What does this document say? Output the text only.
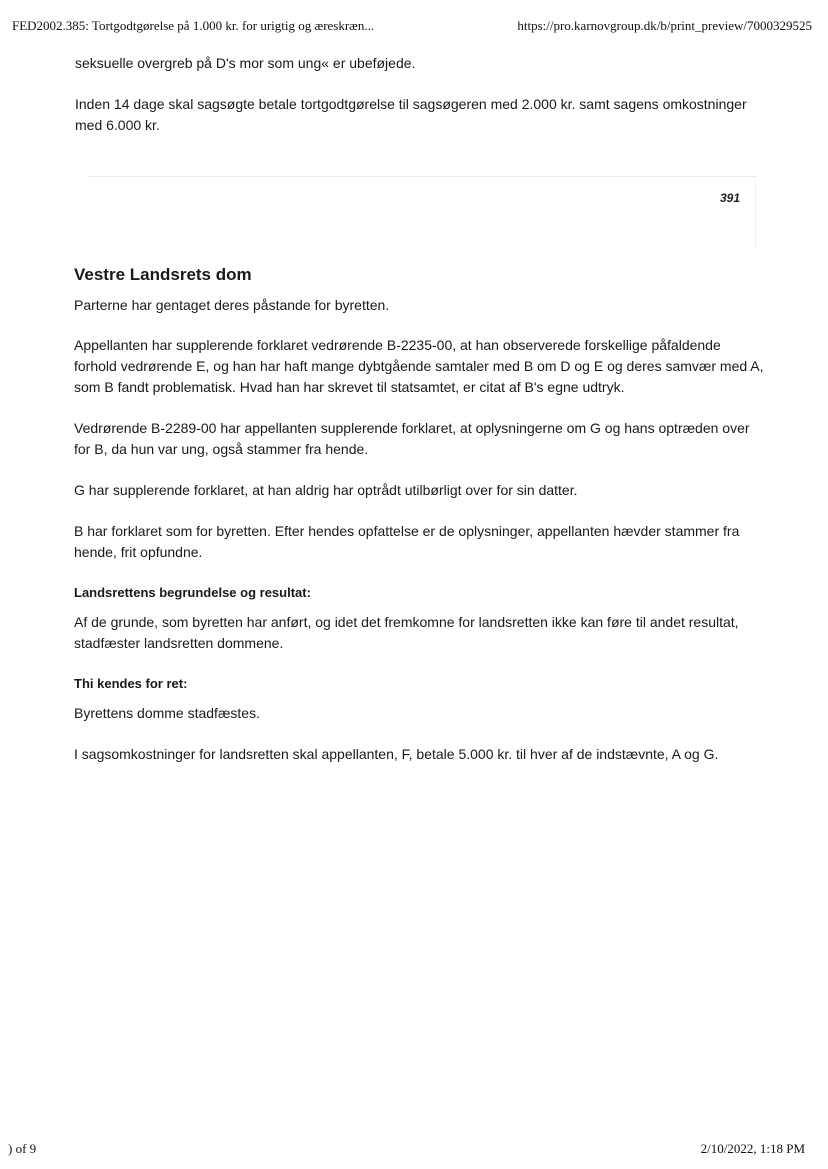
FED2002.385: Tortgodtgørelse på 1.000 kr. for urigtig og æreskræn...	https://pro.karnovgroup.dk/b/print_preview/7000329525

seksuelle overgreb på D's mor som ung« er ubeføjede.

Inden 14 dage skal sagsøgte betale tortgodtgørelse til sagsøgeren med 2.000 kr. samt sagens omkostninger med 6.000 kr.

391
Vestre Landsrets dom

Parterne har gentaget deres påstande for byretten.

Appellanten har supplerende forklaret vedrørende B-2235-00, at han observerede forskellige påfaldende forhold vedrørende E, og han har haft mange dybtgående samtaler med B om D og E og deres samvær med A, som B fandt problematisk. Hvad han har skrevet til statsamtet, er citat af B's egne udtryk.

Vedrørende B-2289-00 har appellanten supplerende forklaret, at oplysningerne om G og hans optræden over for B, da hun var ung, også stammer fra hende.

G har supplerende forklaret, at han aldrig har optrådt utilbørligt over for sin datter.

B har forklaret som for byretten. Efter hendes opfattelse er de oplysninger, appellanten hævder stammer fra hende, frit opfundne.

Landsrettens begrundelse og resultat:

Af de grunde, som byretten har anført, og idet det fremkomne for landsretten ikke kan føre til andet resultat, stadfæster landsretten dommene.

Thi kendes for ret:

Byrettens domme stadfæstes.

I sagsomkostninger for landsretten skal appellanten, F, betale 5.000 kr. til hver af de indstævnte, A og G.

) of 9	2/10/2022, 1:18 PM
